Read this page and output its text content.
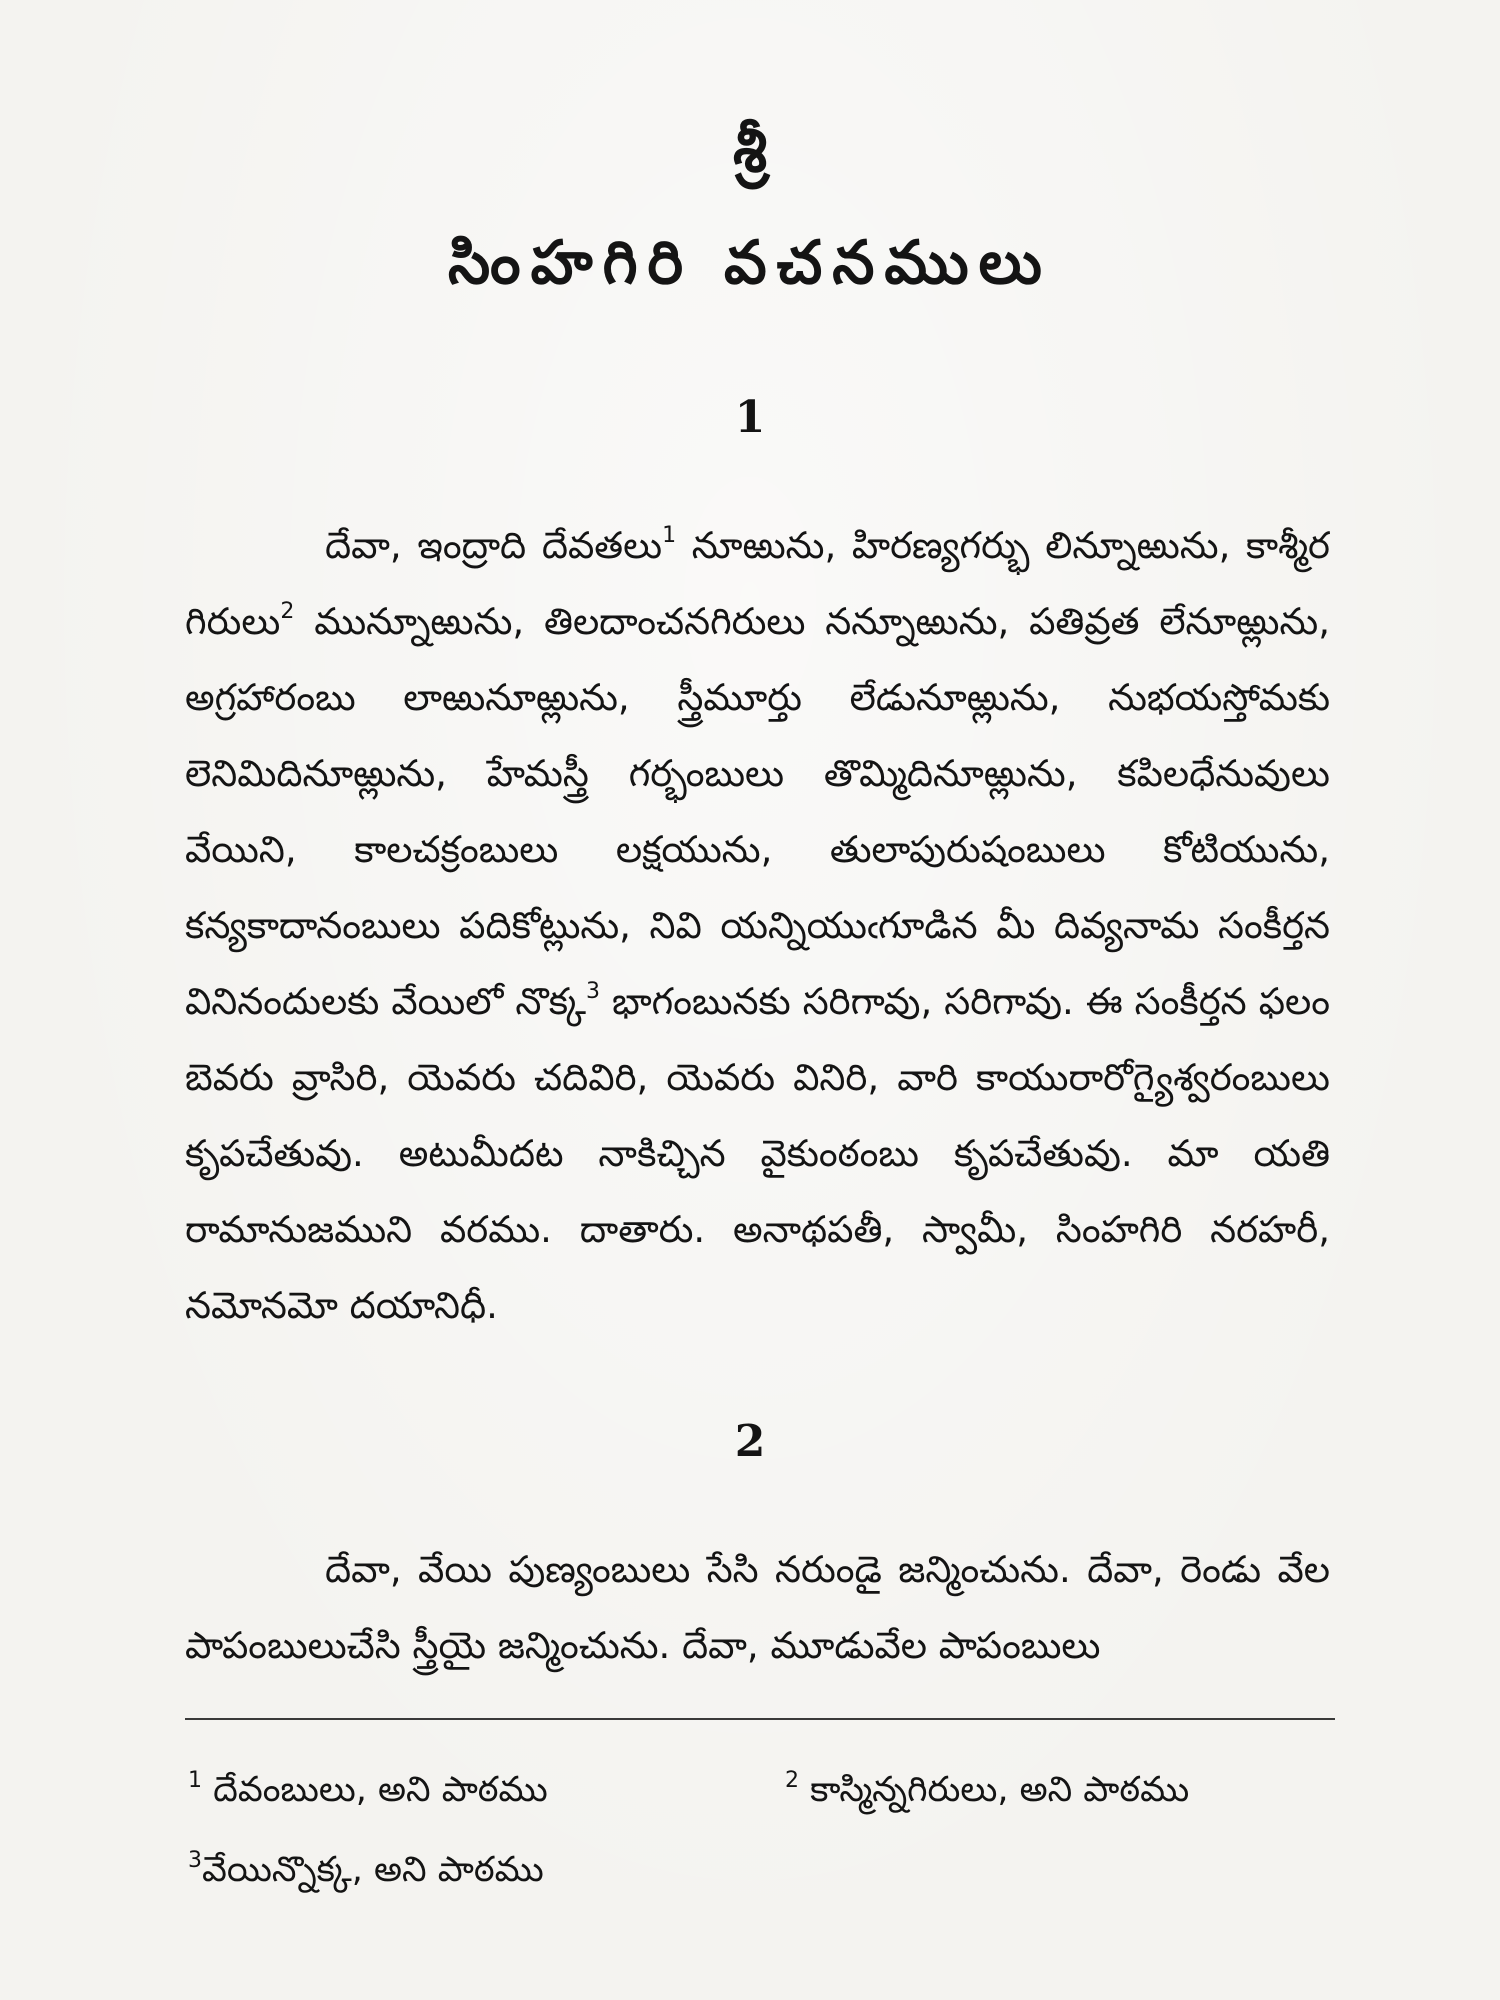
శ్రీ
సింహగిరి వచనములు
1

దేవా, ఇంద్రాది దేవతలు$^1$ నూఱును, హిరణ్యగర్భు లిన్నూఱును, కాశ్మీర గిరులు$^2$ మున్నూఱును, తిలదాంచనగిరులు నన్నూఱును, పతివ్రత లేనూఱ్లును, అగ్రహారంబు లాఱునూఱ్లును, స్త్రీమూర్తు లేడునూఱ్లును, నుభయస్తోమకు లెనిమిదినూఱ్లును, హేమస్త్రీ గర్భంబులు తొమ్మిదినూఱ్లును, కపిలధేనువులు వేయిని, కాలచక్రంబులు లక్షయును, తులాపురుషంబులు కోటియును, కన్యకాదానంబులు పదికోట్లును, నివి యన్నియుఁగూడిన మీ దివ్యనామ సంకీర్తన వినినందులకు వేయిలో నొక్క$^3$ భాగంబునకు సరిగావు, సరిగావు. ఈ సంకీర్తన ఫలం బెవరు వ్రాసిరి, యెవరు చదివిరి, యెవరు వినిరి, వారి కాయురారోగ్యైశ్వరంబులు కృపచేతువు. అటుమీదట నాకిచ్చిన వైకుంఠంబు కృపచేతువు. మా యతి రామానుజముని వరము. దాతారు. అనాథపతీ, స్వామీ, సింహగిరి నరహరీ, నమోనమో దయానిధీ.

2

దేవా, వేయి పుణ్యంబులు సేసి నరుండై జన్మించును. దేవా, రెండు వేల పాపంబులుచేసి స్త్రీయై జన్మించును. దేవా, మూడువేల పాపంబులు

$^1$ దేవంబులు, అని పాఠము	$^2$ కాస్మిన్నగిరులు, అని పాఠము
$^3$వేయిన్నొక్క, అని పాఠము
